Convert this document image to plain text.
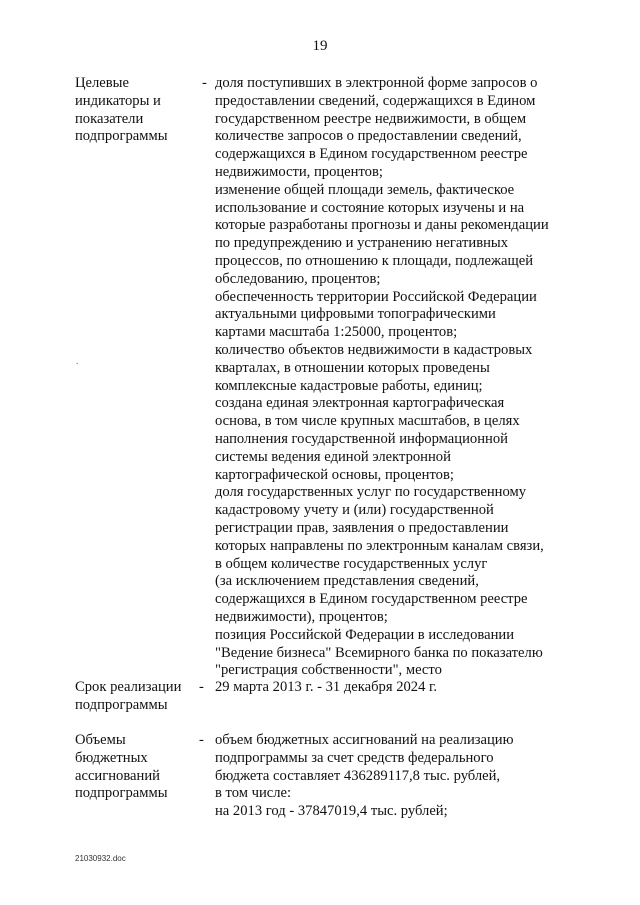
19
Целевые
индикаторы и
показатели
подпрограммы
- доля поступивших в электронной форме запросов о
предоставлении сведений, содержащихся в Едином
государственном реестре недвижимости, в общем
количестве запросов о предоставлении сведений,
содержащихся в Едином государственном реестре
недвижимости, процентов;
изменение общей площади земель, фактическое
использование и состояние которых изучены и на
которые разработаны прогнозы и даны рекомендации
по предупреждению и устранению негативных
процессов, по отношению к площади, подлежащей
обследованию, процентов;
обеспеченность территории Российской Федерации
актуальными цифровыми топографическими
картами масштаба 1:25000, процентов;
количество объектов недвижимости в кадастровых
кварталах, в отношении которых проведены
комплексные кадастровые работы, единиц;
создана единая электронная картографическая
основа, в том числе крупных масштабов, в целях
наполнения государственной информационной
системы ведения единой электронной
картографической основы, процентов;
доля государственных услуг по государственному
кадастровому учету и (или) государственной
регистрации прав, заявления о предоставлении
которых направлены по электронным каналам связи,
в общем количестве государственных услуг
(за исключением представления сведений,
содержащихся в Едином государственном реестре
недвижимости), процентов;
позиция Российской Федерации в исследовании
"Ведение бизнеса" Всемирного банка по показателю
"регистрация собственности", место
.
Срок реализации
подпрограммы
- 29 марта 2013 г. - 31 декабря 2024 г.
Объемы
бюджетных
ассигнований
подпрограммы
- объем бюджетных ассигнований на реализацию
подпрограммы за счет средств федерального
бюджета составляет 436289117,8 тыс. рублей,
в том числе:
на 2013 год - 37847019,4 тыс. рублей;
21030932.doc
